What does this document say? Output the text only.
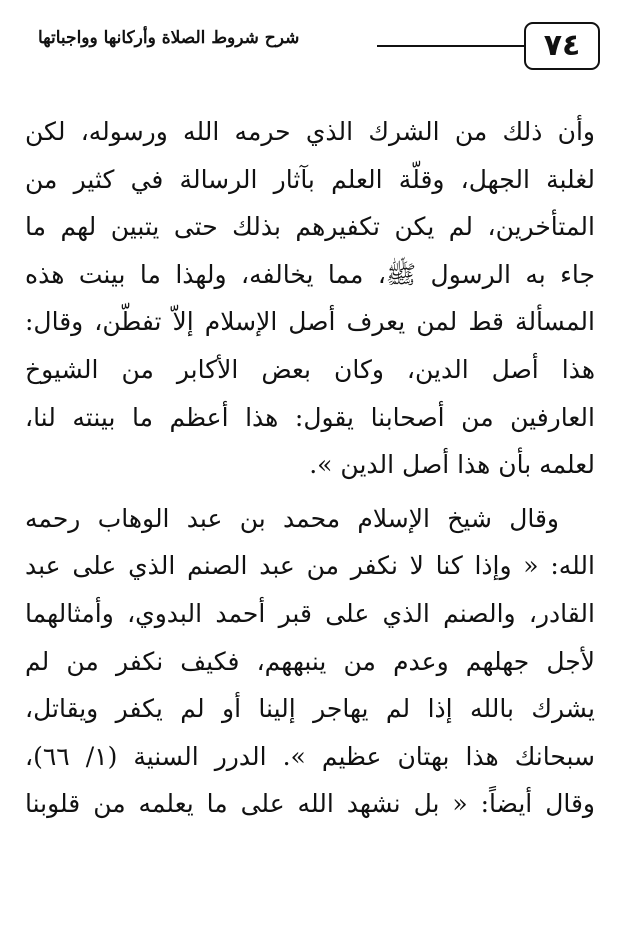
٧٤
شرح شروط الصلاة وأركانها وواجباتها
وأن ذلك من الشرك الذي حرمه الله ورسوله، لكن
لغلبة الجهل، وقلّة العلم بآثار الرسالة في كثير من
المتأخرين، لم يكن تكفيرهم بذلك حتى يتبين لهم ما
جاء به الرسول ﷺ، مما يخالفه، ولهذا ما بينت هذه
المسألة قط لمن يعرف أصل الإسلام إلاّ تفطّن، وقال:
هذا أصل الدين، وكان بعض الأكابر من الشيوخ
العارفين من أصحابنا يقول: هذا أعظم ما بينته لنا،
لعلمه بأن هذا أصل الدين ».
وقال شيخ الإسلام محمد بن عبد الوهاب رحمه
الله: « وإذا كنا لا نكفر من عبد الصنم الذي على عبد
القادر، والصنم الذي على قبر أحمد البدوي، وأمثالهما
لأجل جهلهم وعدم من ينبههم، فكيف نكفر من لم
يشرك بالله إذا لم يهاجر إلينا أو لم يكفر ويقاتل،
سبحانك هذا بهتان عظيم ». الدرر السنية (١/ ٦٦)،
وقال أيضاً: « بل نشهد الله على ما يعلمه من قلوبنا
